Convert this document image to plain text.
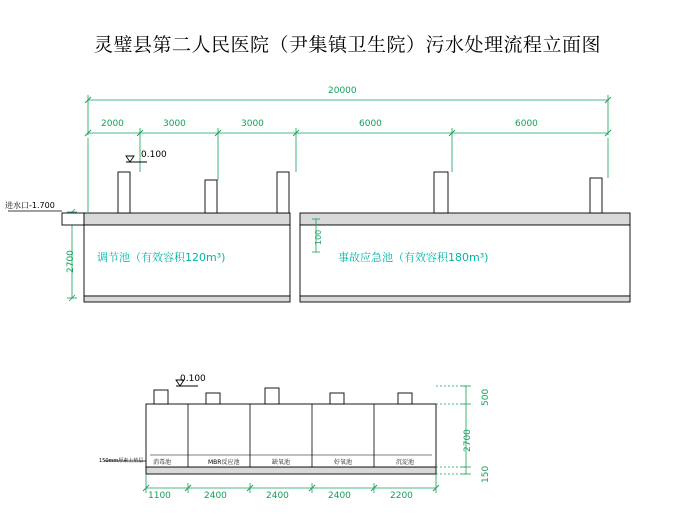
灵璧县第二人民医院（尹集镇卫生院）污水处理流程立面图
20000
2000	3000	3000	6000	6000
0.100
进水口-1.700
2700
100
调节池（有效容积120m³)	事故应急池（有效容积180m³)
0.100
150mm厚素土垫层 消毒池	MBR反应池	缺氧池	好氧池	沉淀池
1100	2400	2400	2400	2200
500
2700
150
